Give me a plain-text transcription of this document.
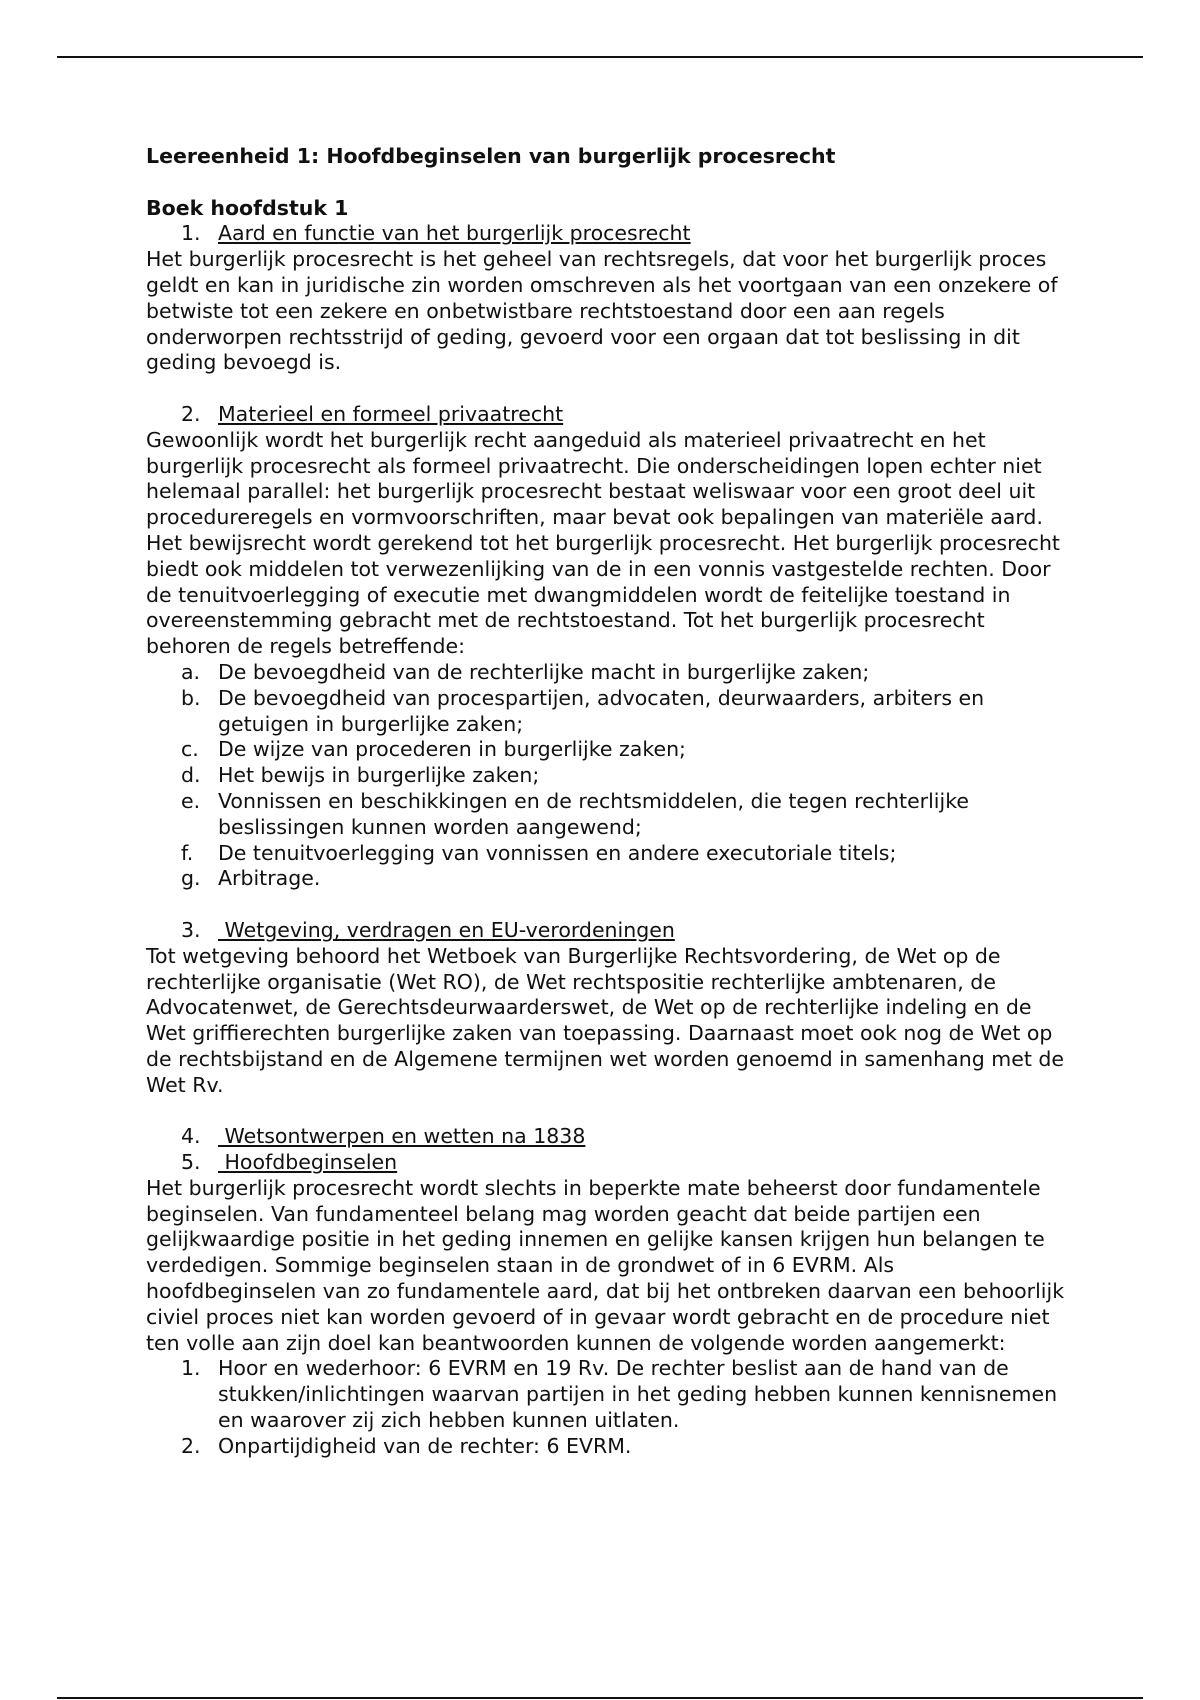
Leereenheid 1: Hoofdbeginselen van burgerlijk procesrecht

Boek hoofdstuk 1

1. Aard en functie van het burgerlijk procesrecht

Het burgerlijk procesrecht is het geheel van rechtsregels, dat voor het burgerlijk proces geldt en kan in juridische zin worden omschreven als het voortgaan van een onzekere of betwiste tot een zekere en onbetwistbare rechtstoestand door een aan regels onderworpen rechtsstrijd of geding, gevoerd voor een orgaan dat tot beslissing in dit geding bevoegd is.

2. Materieel en formeel privaatrecht

Gewoonlijk wordt het burgerlijk recht aangeduid als materieel privaatrecht en het burgerlijk procesrecht als formeel privaatrecht. Die onderscheidingen lopen echter niet helemaal parallel: het burgerlijk procesrecht bestaat weliswaar voor een groot deel uit procedureregels en vormvoorschriften, maar bevat ook bepalingen van materiële aard. Het bewijsrecht wordt gerekend tot het burgerlijk procesrecht. Het burgerlijk procesrecht biedt ook middelen tot verwezenlijking van de in een vonnis vastgestelde rechten. Door de tenuitvoerlegging of executie met dwangmiddelen wordt de feitelijke toestand in overeenstemming gebracht met de rechtstoestand. Tot het burgerlijk procesrecht behoren de regels betreffende:

a. De bevoegdheid van de rechterlijke macht in burgerlijke zaken;
b. De bevoegdheid van procespartijen, advocaten, deurwaarders, arbiters en getuigen in burgerlijke zaken;
c. De wijze van procederen in burgerlijke zaken;
d. Het bewijs in burgerlijke zaken;
e. Vonnissen en beschikkingen en de rechtsmiddelen, die tegen rechterlijke beslissingen kunnen worden aangewend;
f.	De tenuitvoerlegging van vonnissen en andere executoriale titels;
g. Arbitrage.
3. Wetgeving, verdragen en EU-verordeningen

Tot wetgeving behoord het Wetboek van Burgerlijke Rechtsvordering, de Wet op de rechterlijke organisatie (Wet RO), de Wet rechtspositie rechterlijke ambtenaren, de Advocatenwet, de Gerechtsdeurwaarderswet, de Wet op de rechterlijke indeling en de Wet griffierechten burgerlijke zaken van toepassing. Daarnaast moet ook nog de Wet op de rechtsbijstand en de Algemene termijnen wet worden genoemd in samenhang met de Wet Rv.

4. Wetsontwerpen en wetten na 1838
5. Hoofdbeginselen

Het burgerlijk procesrecht wordt slechts in beperkte mate beheerst door fundamentele beginselen. Van fundamenteel belang mag worden geacht dat beide partijen een gelijkwaardige positie in het geding innemen en gelijke kansen krijgen hun belangen te verdedigen. Sommige beginselen staan in de grondwet of in 6 EVRM. Als hoofdbeginselen van zo fundamentele aard, dat bij het ontbreken daarvan een behoorlijk civiel proces niet kan worden gevoerd of in gevaar wordt gebracht en de procedure niet ten volle aan zijn doel kan beantwoorden kunnen de volgende worden aangemerkt:

1. Hoor en wederhoor: 6 EVRM en 19 Rv. De rechter beslist aan de hand van de stukken/inlichtingen waarvan partijen in het geding hebben kunnen kennisnemen en waarover zij zich hebben kunnen uitlaten.
2. Onpartijdigheid van de rechter: 6 EVRM.
